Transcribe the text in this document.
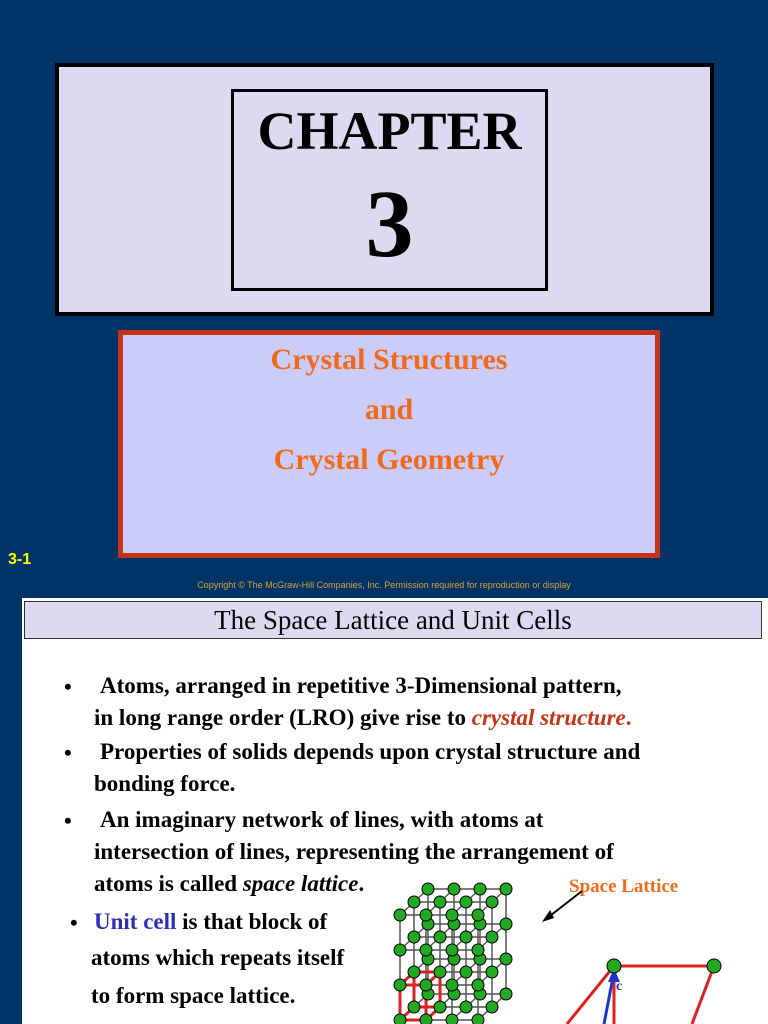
CHAPTER
3
Crystal Structures
and
Crystal Geometry
3-1
Copyright © The McGraw-Hill Companies, Inc. Permission required for reproduction or display
The Space Lattice and Unit Cells
• Atoms, arranged in repetitive 3-Dimensional pattern,
in long range order (LRO) give rise to crystal structure.
• Properties of solids depends upon crystal structure and
bonding force.
• An imaginary network of lines, with atoms at
intersection of lines, representing the arrangement of
atoms is called space lattice.
• Unit cell is that block of
atoms which repeats itself
to form space lattice.
Space Lattice
c
